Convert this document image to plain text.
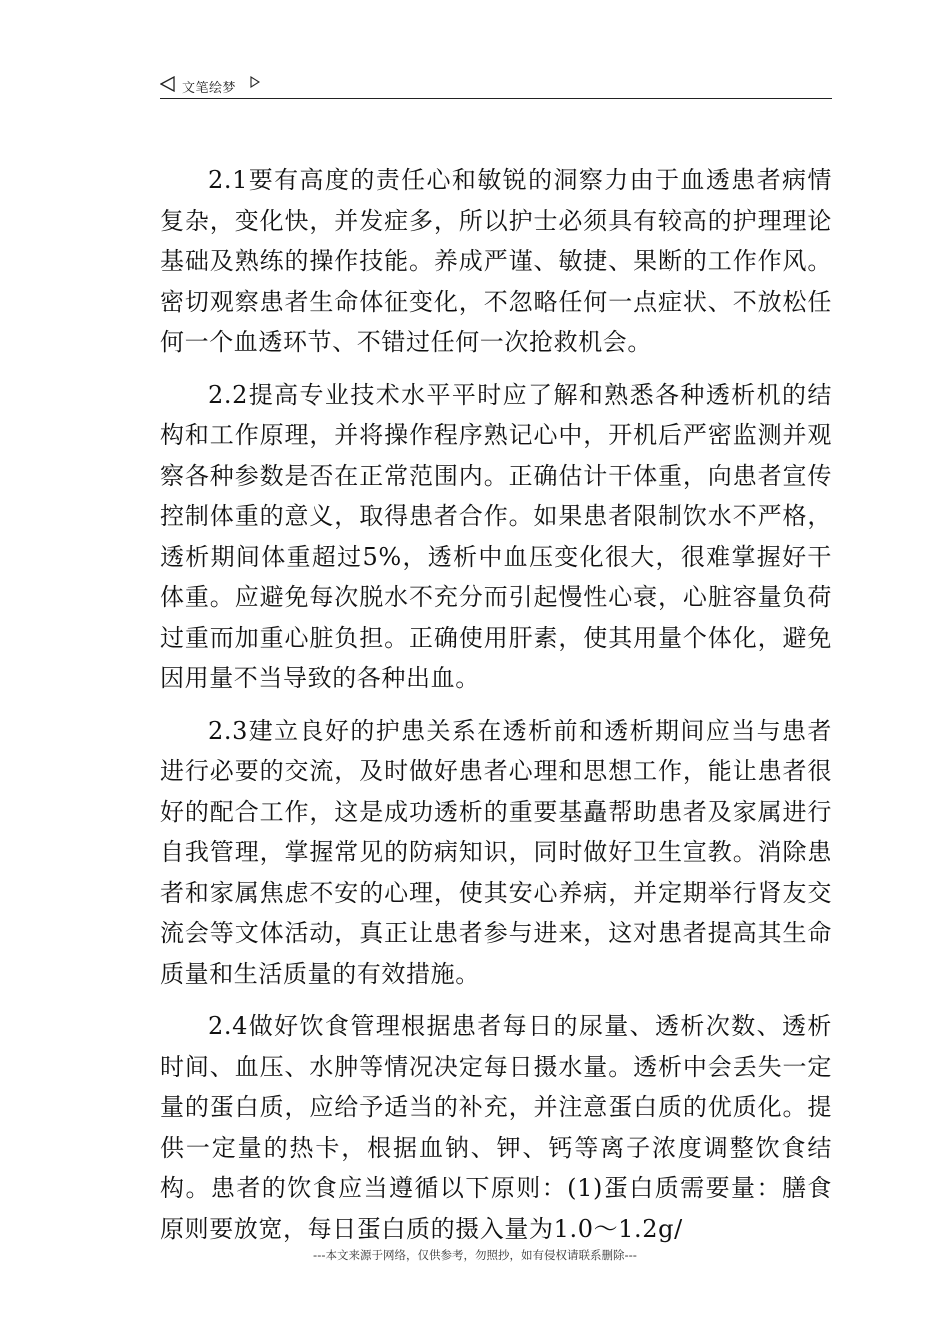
文笔绘梦

2.1要有高度的责任心和敏锐的洞察力由于血透患者病情复杂，变化快，并发症多，所以护士必须具有较高的护理理论基础及熟练的操作技能。养成严谨、敏捷、果断的工作作风。密切观察患者生命体征变化，不忽略任何一点症状、不放松任何一个血透环节、不错过任何一次抢救机会。

2.2提高专业技术水平平时应了解和熟悉各种透析机的结构和工作原理，并将操作程序熟记心中，开机后严密监测并观察各种参数是否在正常范围内。正确估计干体重，向患者宣传控制体重的意义，取得患者合作。如果患者限制饮水不严格，透析期间体重超过5%，透析中血压变化很大，很难掌握好干体重。应避免每次脱水不充分而引起慢性心衰，心脏容量负荷过重而加重心脏负担。正确使用肝素，使其用量个体化，避免因用量不当导致的各种出血。

2.3建立良好的护患关系在透析前和透析期间应当与患者进行必要的交流，及时做好患者心理和思想工作，能让患者很好的配合工作，这是成功透析的重要基矗帮助患者及家属进行自我管理，掌握常见的防病知识，同时做好卫生宣教。消除患者和家属焦虑不安的心理，使其安心养病，并定期举行肾友交流会等文体活动，真正让患者参与进来，这对患者提高其生命质量和生活质量的有效措施。

2.4做好饮食管理根据患者每日的尿量、透析次数、透析时间、血压、水肿等情况决定每日摄水量。透析中会丢失一定量的蛋白质，应给予适当的补充，并注意蛋白质的优质化。提供一定量的热卡，根据血钠、钾、钙等离子浓度调整饮食结构。患者的饮食应当遵循以下原则：(1)蛋白质需要量：膳食原则要放宽，每日蛋白质的摄入量为1.0～1.2g/

---本文来源于网络，仅供参考，勿照抄，如有侵权请联系删除---
